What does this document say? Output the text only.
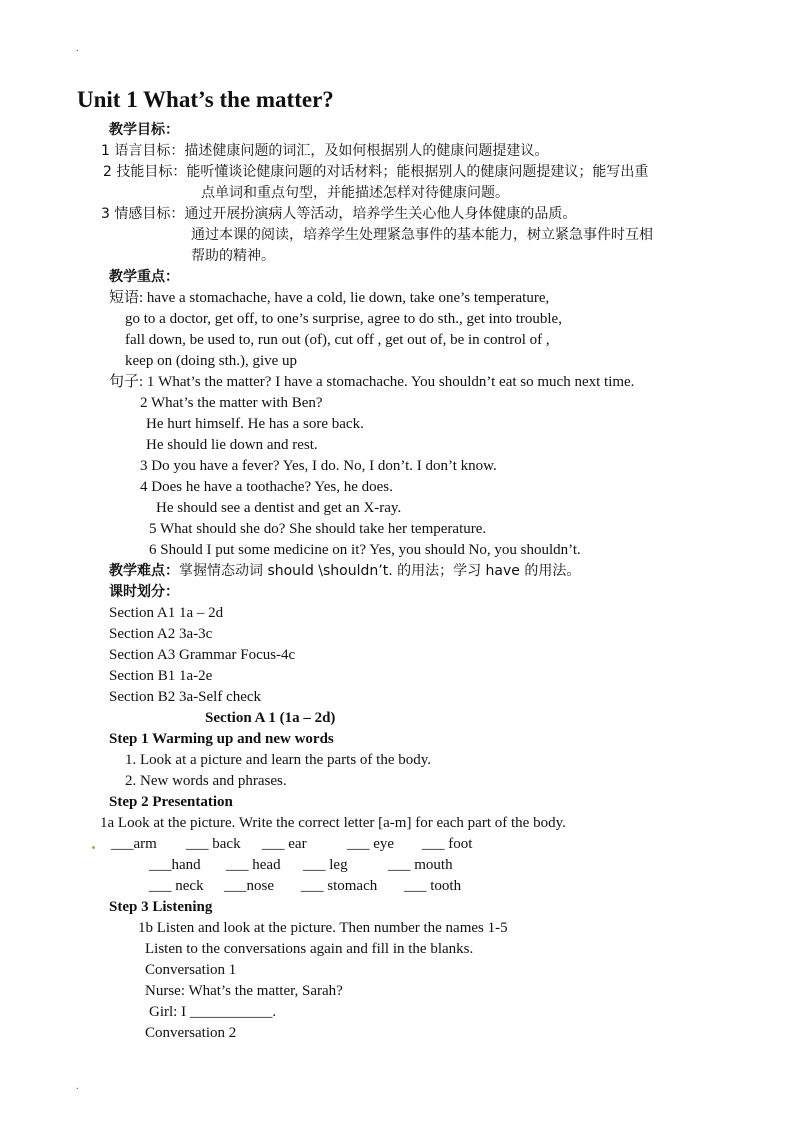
.
Unit 1 What’s the matter?
教学目标：
1 语言目标：描述健康问题的词汇，及如何根据别人的健康问题提建议。
2 技能目标：能听懂谈论健康问题的对话材料；能根据别人的健康问题提建议；能写出重
点单词和重点句型，并能描述怎样对待健康问题。
3 情感目标：通过开展扮演病人等活动，培养学生关心他人身体健康的品质。
通过本课的阅读，培养学生处理紧急事件的基本能力，树立紧急事件时互相
帮助的精神。
教学重点：
短语: have a stomachache, have a cold, lie down, take one’s temperature,
go to a doctor, get off, to one’s surprise, agree to do sth., get into trouble,
fall down, be used to, run out (of), cut off , get out of, be in control of ,
keep on (doing sth.), give up
句子: 1 What’s the matter? I have a stomachache. You shouldn’t eat so much next time.
2 What’s the matter with Ben?
He hurt himself. He has a sore back.
He should lie down and rest.
3 Do you have a fever? Yes, I do. No, I don’t. I don’t know.
4 Does he have a toothache? Yes, he does.
He should see a dentist and get an X-ray.
5 What should she do? She should take her temperature.
6 Should I put some medicine on it? Yes, you should No, you shouldn’t.
教学难点：掌握情态动词 should \shouldn’t. 的用法；学习 have 的用法。
课时划分：
Section A1 1a – 2d
Section A2 3a-3c
Section A3 Grammar Focus-4c
Section B1 1a-2e
Section B2 3a-Self check
Section A 1 (1a – 2d)
Step 1 Warming up and new words
1. Look at a picture and learn the parts of the body.
2. New words and phrases.
Step 2 Presentation
1a Look at the picture. Write the correct letter [a-m] for each part of the body.
___arm ___ back ___ ear	___ eye ___ foot
___hand ___ head ___ leg	___ mouth
___ neck ___nose ___ stomach ___ tooth
Step 3 Listening
1b Listen and look at the picture. Then number the names 1-5
Listen to the conversations again and fill in the blanks.
Conversation 1
Nurse: What’s the matter, Sarah?
Girl: I ___________.
Conversation 2
.
